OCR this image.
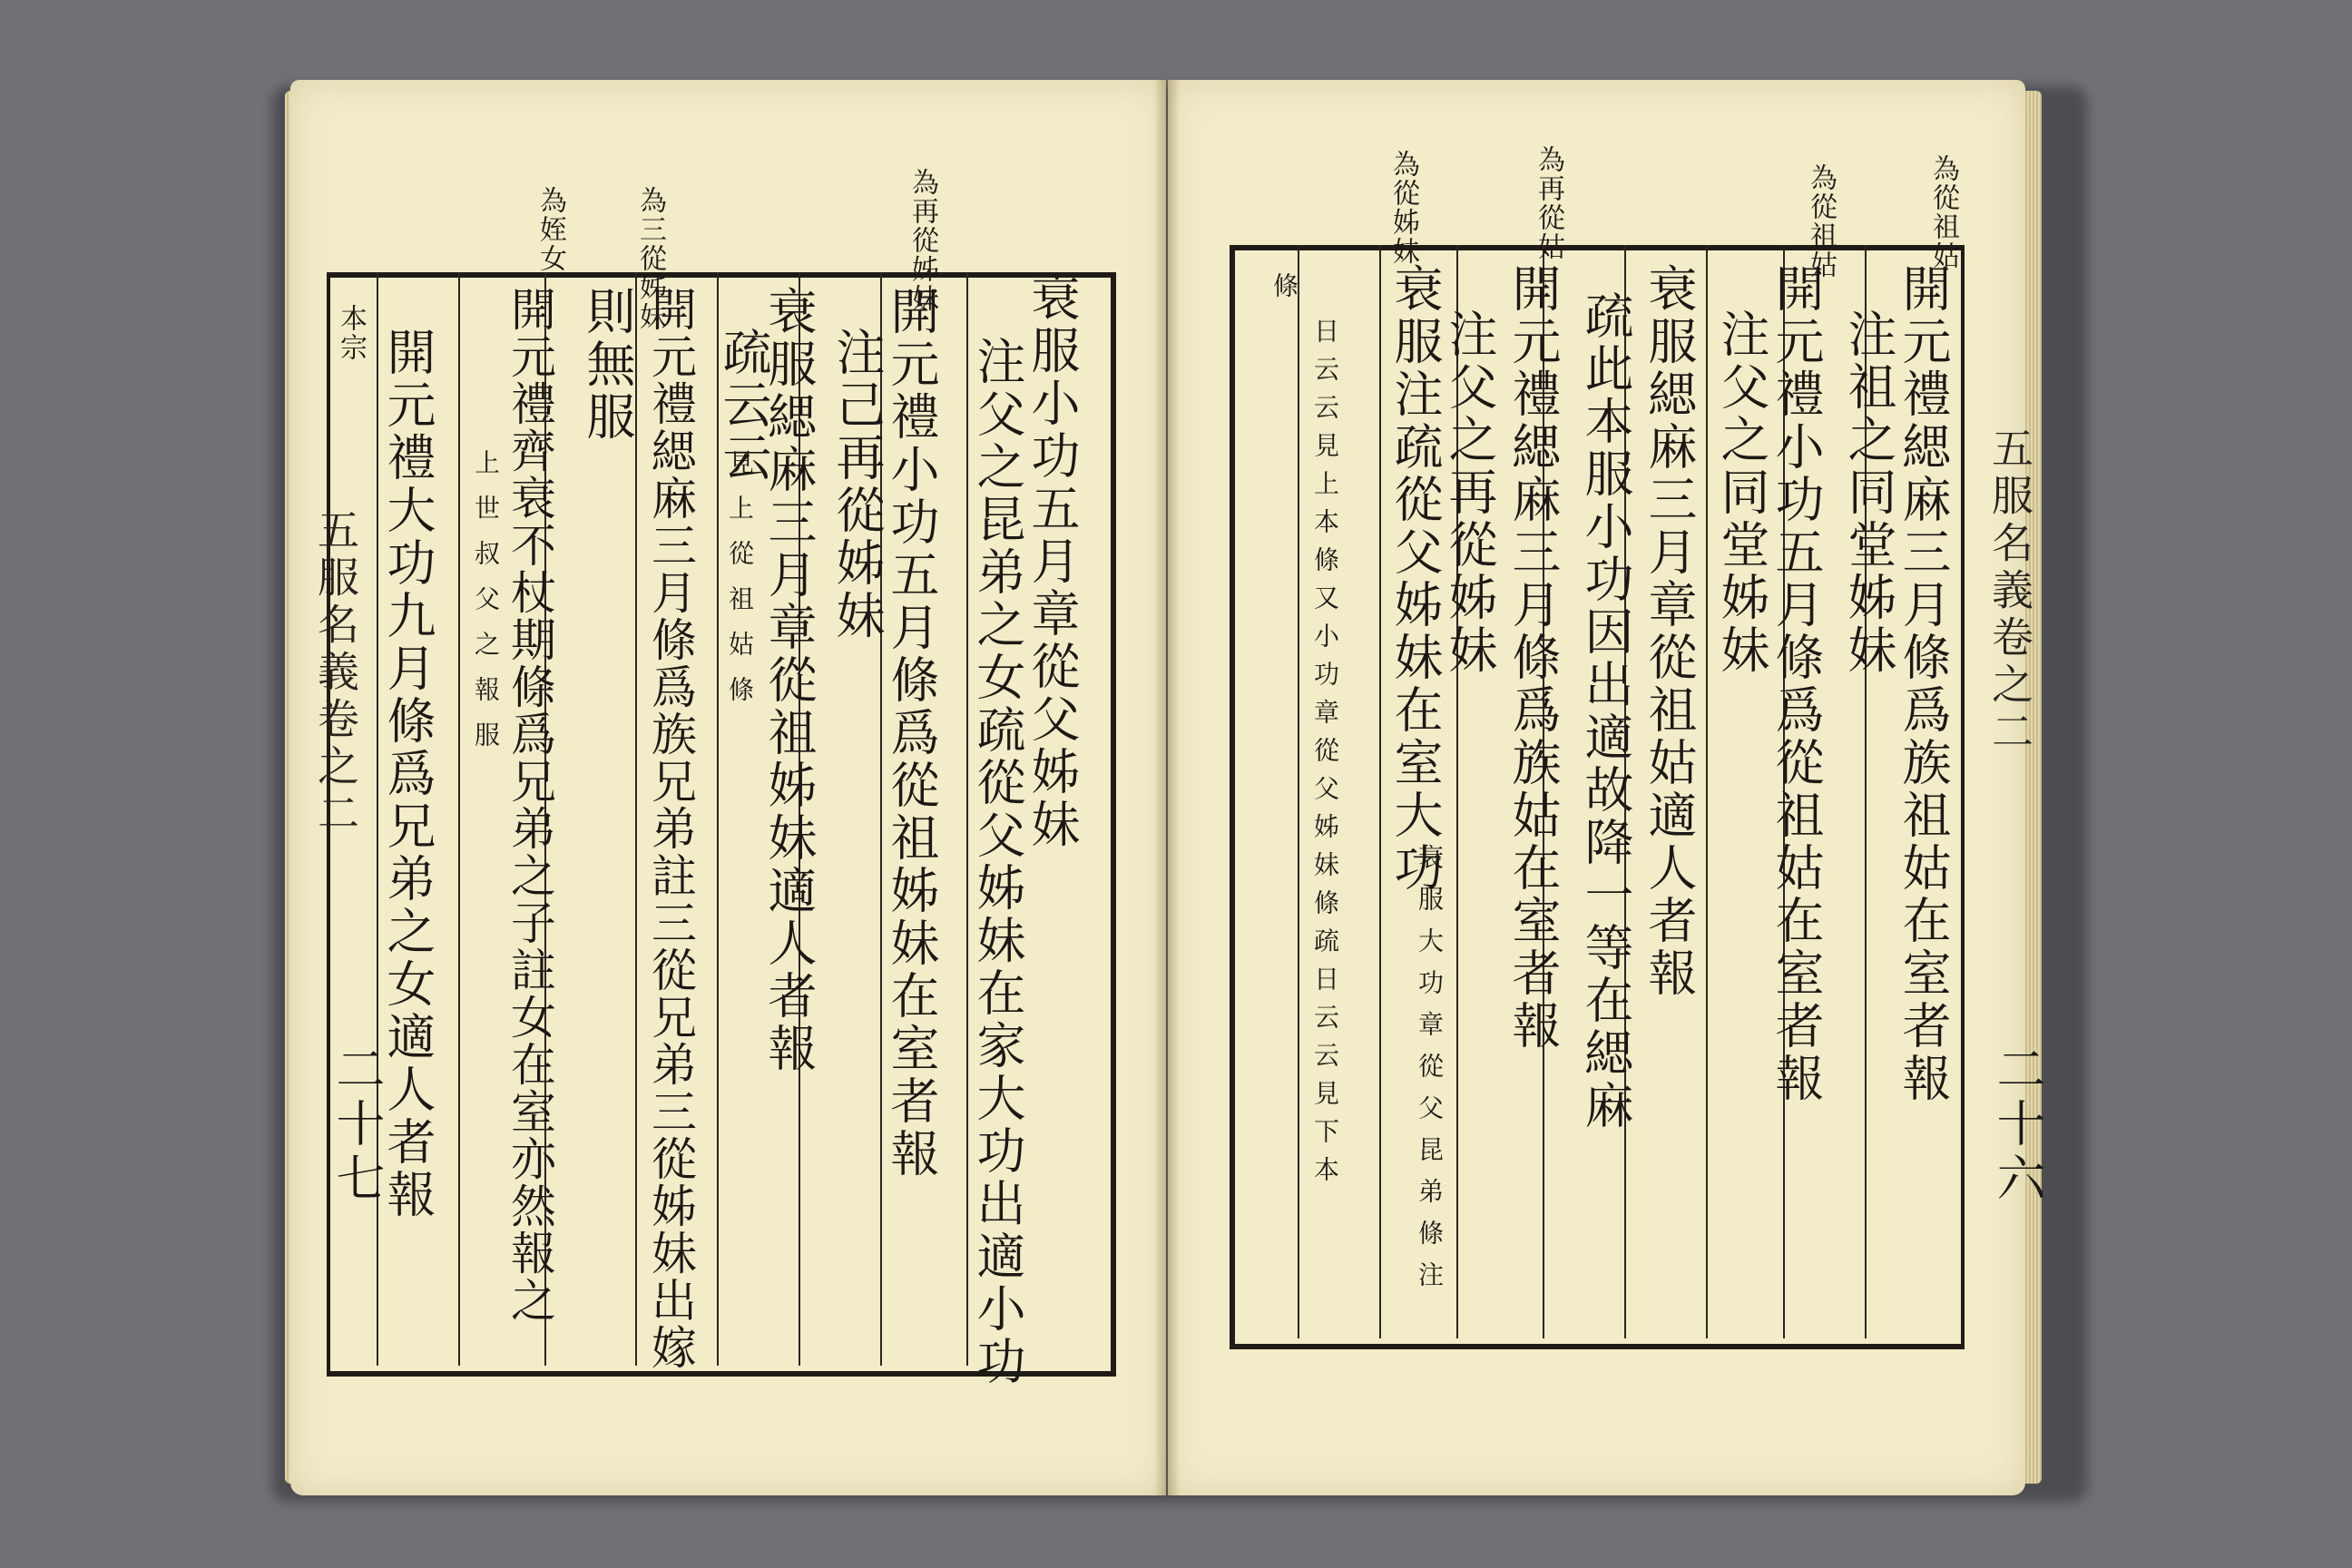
為再從姊妹
為三從姊妹
為姪女
衰服小功五月章從父姊妹
注父之昆弟之女疏從父姊妹在家大功出適小功
開元禮小功五月條爲從祖姊妹在室者報
注己再從姊妹
衰服緦麻三月章從祖姊妹適人者報
疏云云
見上從祖姑條
開元禮緦麻三月條爲族兄弟註三從兄弟三從姊妹出嫁
則無服
開元禮齊衰不杖期條爲兄弟之子註女在室亦然報之
上世叔父之報服
開元禮大功九月條爲兄弟之女適人者報
本宗
五服名義卷之二
二十七
為從祖姑
為從祖姑
為再從姑
為從姊妹
開元禮緦麻三月條爲族祖姑在室者報
注祖之同堂姊妹
開元禮小功五月條爲從祖姑在室者報
注父之同堂姊妹
衰服緦麻三月章從祖姑適人者報
疏此本服小功因出適故降一等在緦麻
開元禮緦麻三月條爲族姑在室者報
注父之再從姊妹
衰服注疏從父姊妹在室大功
衰服大功章從父昆弟條注
日云云見上本條又小功章從父姊妹條疏日云云見下本
條
五服名義卷之二
二十六
